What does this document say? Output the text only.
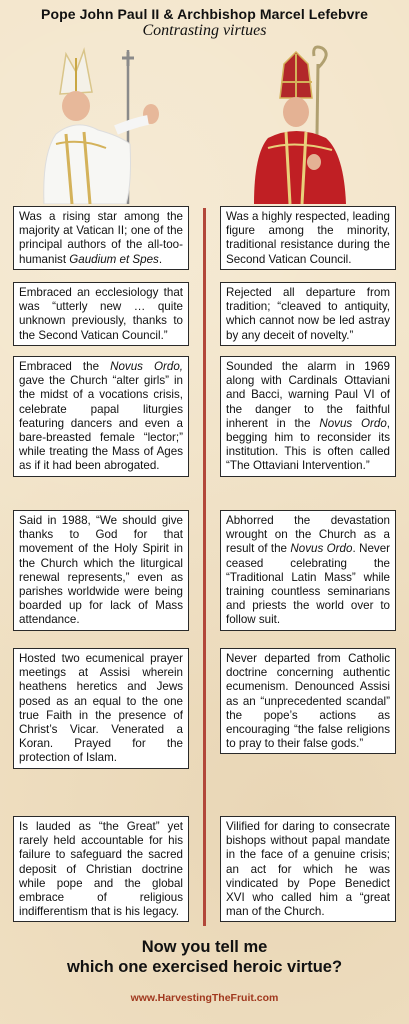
Pope John Paul II & Archbishop Marcel Lefebvre
Contrasting virtues
Was a rising star among the majority at Vatican II; one of the principal authors of the all-too-humanist Gaudium et Spes.
Embraced an ecclesiology that was “utterly new … quite unknown previously, thanks to the Second Vatican Council.”
Embraced the Novus Ordo, gave the Church “alter girls” in the midst of a vocations crisis, celebrate papal liturgies featuring dancers and even a bare-breasted female “lector;” while treating the Mass of Ages as if it had been abrogated.
Said in 1988, “We should give thanks to God for that movement of the Holy Spirit in the Church which the liturgical renewal represents,” even as parishes worldwide were being boarded up for lack of Mass attendance.
Hosted two ecumenical prayer meetings at Assisi wherein heathens heretics and Jews posed as an equal to the one true Faith in the presence of Christ’s Vicar. Venerated a Koran. Prayed for the protection of Islam.
Is lauded as “the Great” yet rarely held accountable for his failure to safeguard the sacred deposit of Christian doctrine while pope and the global embrace of religious indifferentism that is his legacy.
Was a highly respected, leading figure among the minority, traditional resistance during the Second Vatican Council.
Rejected all departure from tradition; “cleaved to antiquity, which cannot now be led astray by any deceit of novelty.”
Sounded the alarm in 1969 along with Cardinals Ottaviani and Bacci, warning Paul VI of the danger to the faithful inherent in the Novus Ordo, begging him to reconsider its institution. This is often called “The Ottaviani Intervention.”
Abhorred the devastation wrought on the Church as a result of the Novus Ordo. Never ceased celebrating the “Traditional Latin Mass” while training countless seminarians and priests the world over to follow suit.
Never departed from Catholic doctrine concerning authentic ecumenism. Denounced Assisi as an “unprecedented scandal” the pope’s actions as encouraging “the false religions to pray to their false gods.”
Vilified for daring to consecrate bishops without papal mandate in the face of a genuine crisis; an act for which he was vindicated by Pope Benedict XVI who called him a “great man of the Church.
Now you tell me
which one exercised heroic virtue?
www.HarvestingTheFruit.com
